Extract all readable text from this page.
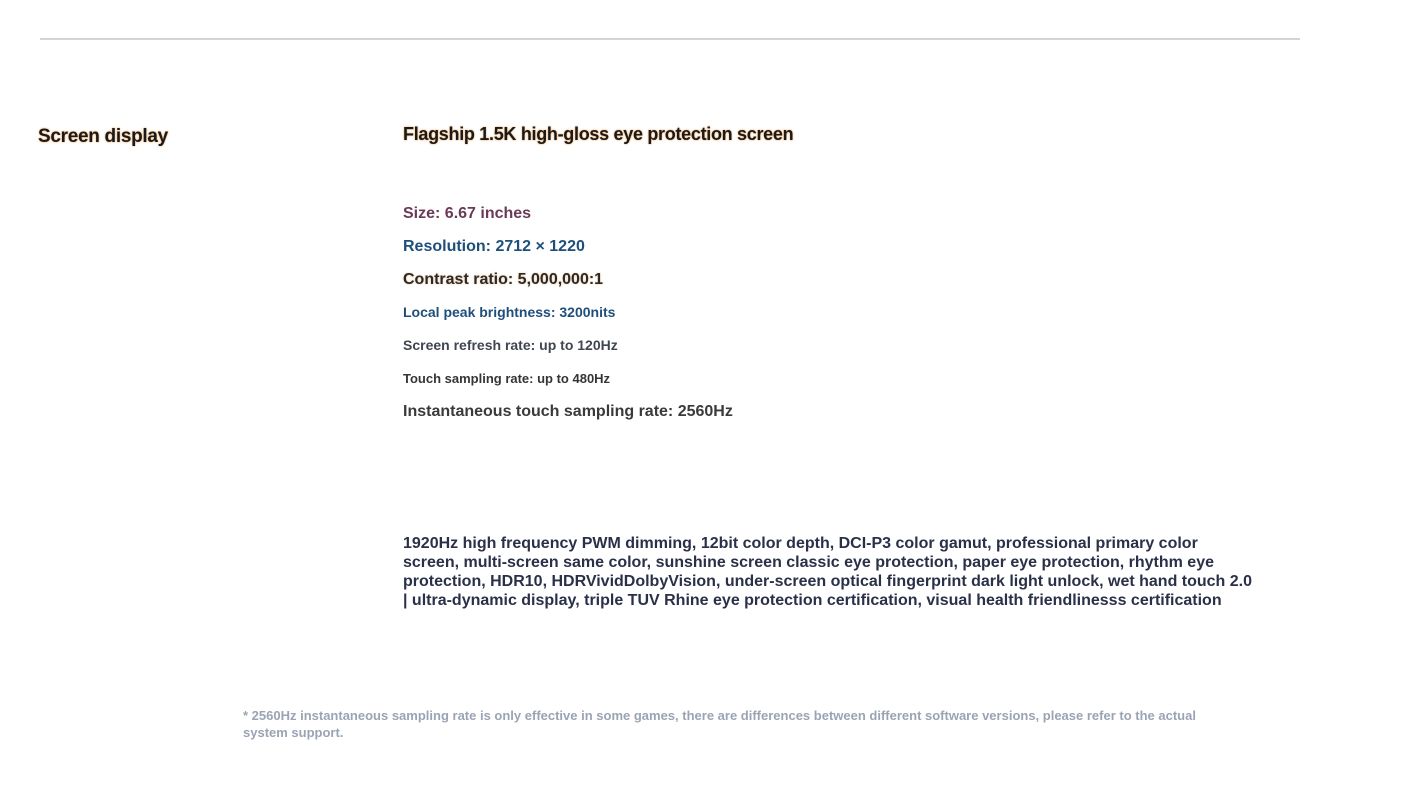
Screen display	Flagship 1.5K high-gloss eye protection screen
Size: 6.67 inches
Resolution: 2712 × 1220
Contrast ratio: 5,000,000:1
Local peak brightness: 3200nits
Screen refresh rate: up to 120Hz
Touch sampling rate: up to 480Hz
Instantaneous touch sampling rate: 2560Hz
1920Hz high frequency PWM dimming, 12bit color depth, DCI-P3 color gamut, professional primary color screen, multi-screen same color, sunshine screen classic eye protection, paper eye protection, rhythm eye protection, HDR10, HDRVividDolbyVision, under-screen optical fingerprint dark light unlock, wet hand touch 2.0 | ultra-dynamic display, triple TUV Rhine eye protection certification, visual health friendlinesss certification
* 2560Hz instantaneous sampling rate is only effective in some games, there are differences between different software versions, please refer to the actual system support.
